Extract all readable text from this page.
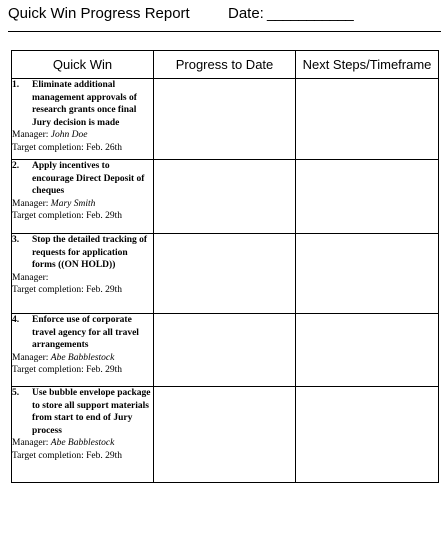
Quick Win Progress Report	Date: ___________
Quick Win	Progress to Date	Next Steps/Timeframe

1. Eliminate additional management approvals of research grants once final Jury decision is made
Manager: John Doe
Target completion: Feb. 26th		

2. Apply incentives to encourage Direct Deposit of cheques
Manager: Mary Smith
Target completion: Feb. 29th		

3. Stop the detailed tracking of requests for application forms ((ON HOLD))
Manager:
Target completion: Feb. 29th		

4. Enforce use of corporate travel agency for all travel arrangements
Manager: Abe Babblestock
Target completion: Feb. 29th		

5. Use bubble envelope package to store all support materials from start to end of Jury process
Manager: Abe Babblestock
Target completion: Feb. 29th		
